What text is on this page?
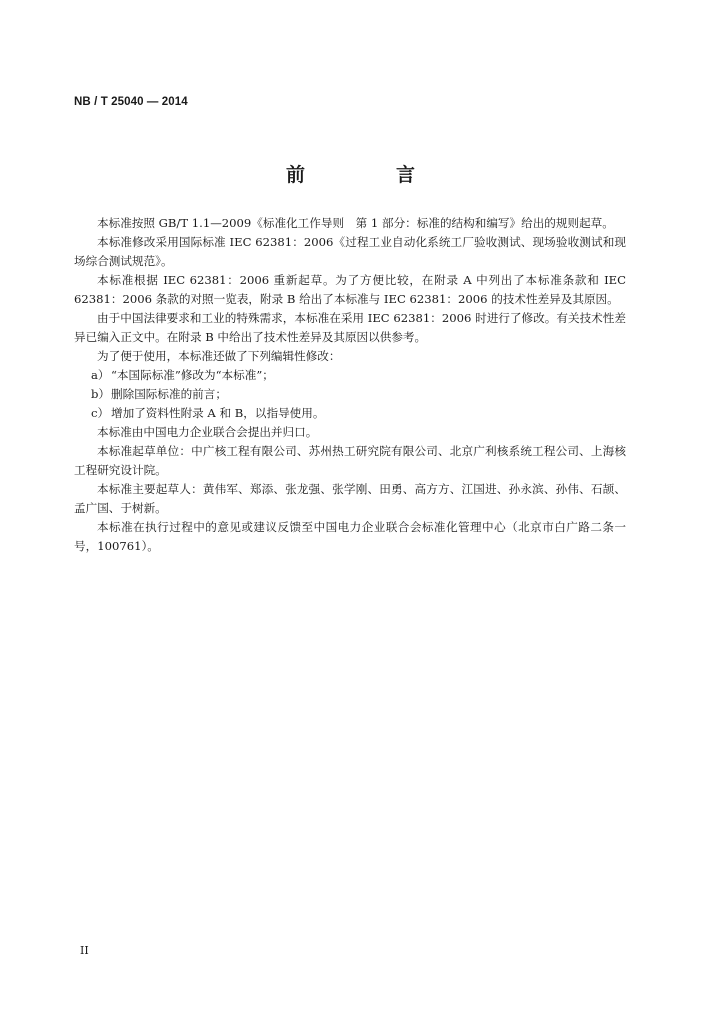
NB / T 25040 — 2014
前　言

本标准按照 GB/T 1.1—2009《标准化工作导则　第 1 部分：标准的结构和编写》给出的规则起草。

本标准修改采用国际标准 IEC 62381：2006《过程工业自动化系统工厂验收测试、现场验收测试和现场综合测试规范》。

本标准根据 IEC 62381：2006 重新起草。为了方便比较，在附录 A 中列出了本标准条款和 IEC 62381：2006 条款的对照一览表，附录 B 给出了本标准与 IEC 62381：2006 的技术性差异及其原因。

由于中国法律要求和工业的特殊需求，本标准在采用 IEC 62381：2006 时进行了修改。有关技术性差异已编入正文中。在附录 B 中给出了技术性差异及其原因以供参考。

为了便于使用，本标准还做了下列编辑性修改：

a）“本国际标准”修改为“本标准”；

b）删除国际标准的前言；

c） 增加了资料性附录 A 和 B，以指导使用。

本标准由中国电力企业联合会提出并归口。

本标准起草单位：中广核工程有限公司、苏州热工研究院有限公司、北京广利核系统工程公司、上海核工程研究设计院。

本标准主要起草人：黄伟军、郑添、张龙强、张学刚、田勇、高方方、江国进、孙永滨、孙伟、石颉、孟广国、于树新。

本标准在执行过程中的意见或建议反馈至中国电力企业联合会标准化管理中心（北京市白广路二条一号，100761）。

II
